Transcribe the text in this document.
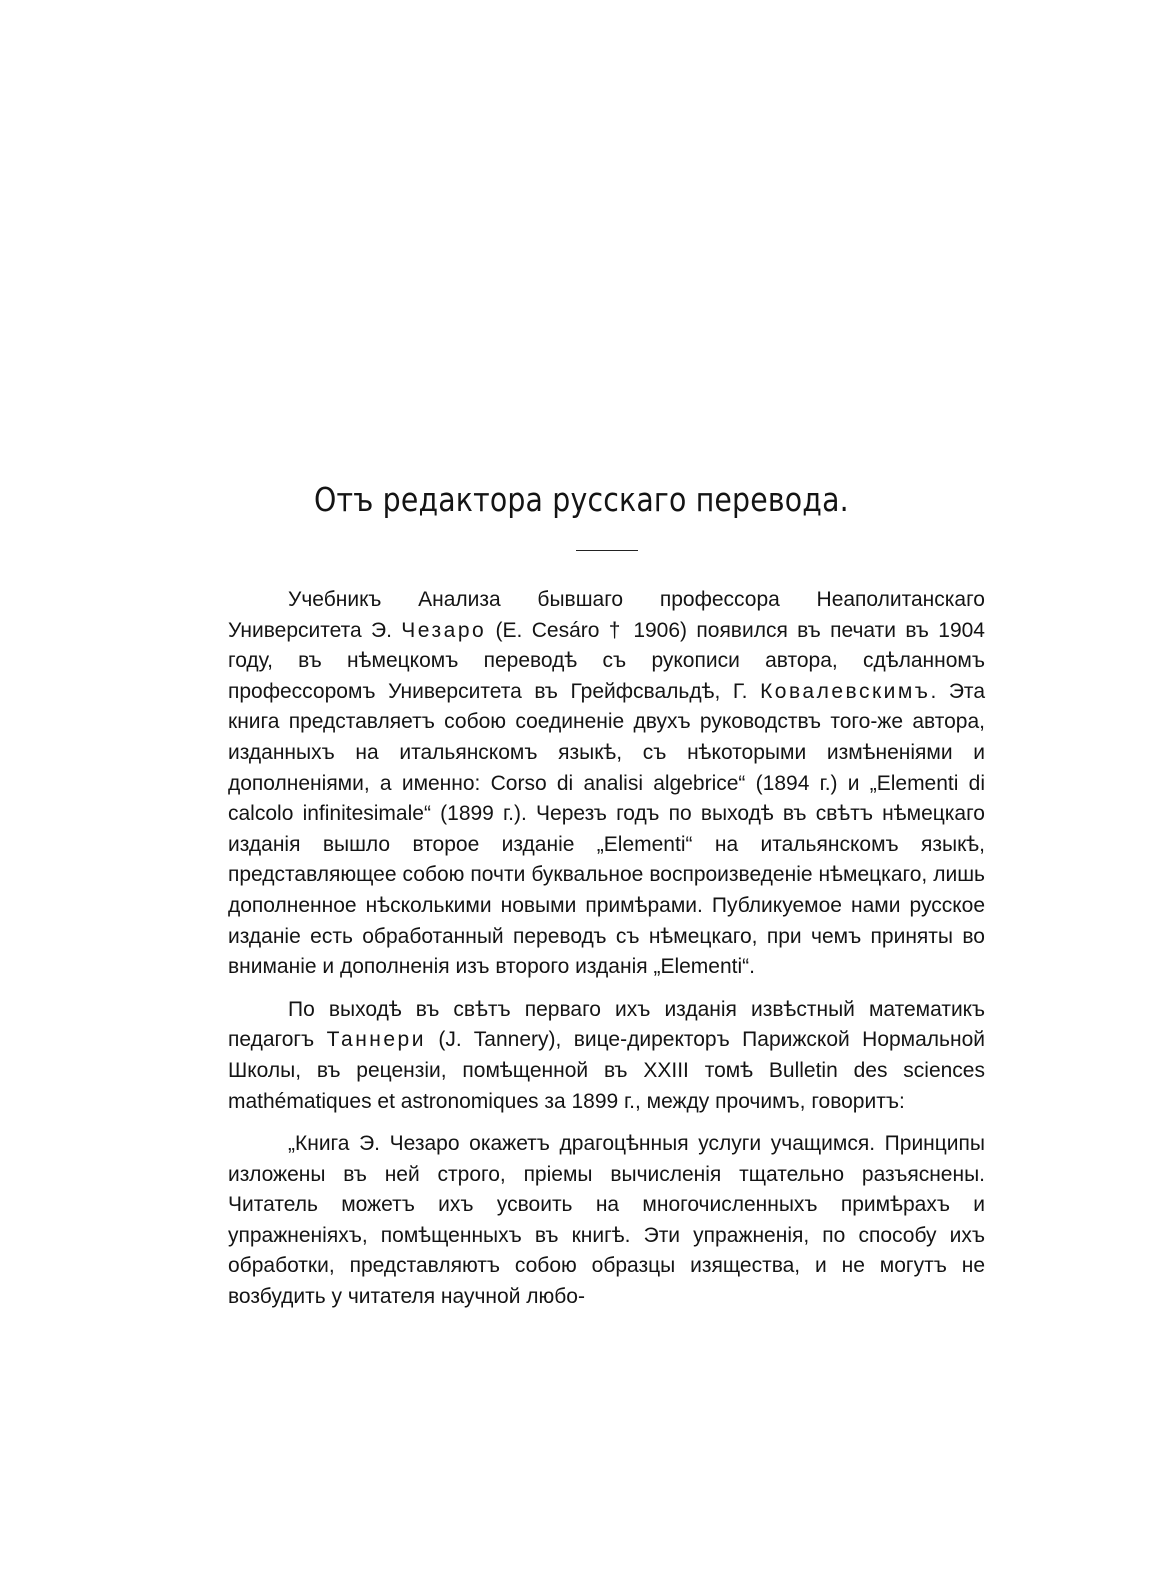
Отъ редактора русскаго перевода.

Учебникъ Анализа бывшаго профессора Неаполитанскаго Университета Э. Чезаро (E. Cesáro † 1906) появился въ печати въ 1904 году, въ нѣмецкомъ переводѣ съ рукописи автора, сдѣланномъ профессоромъ Университета въ Грейфсвальдѣ, Г. Ковалевскимъ. Эта книга представляетъ собою соединеніе двухъ руководствъ того-же автора, изданныхъ на итальянскомъ языкѣ, съ нѣкоторыми измѣненіями и дополненіями, а именно: Corso di analisi algebrice“ (1894 г.) и „Elementi di calcolo infinitesimale“ (1899 г.). Черезъ годъ по выходѣ въ свѣтъ нѣмецкаго изданія вышло второе изданіе „Elementi“ на итальянскомъ языкѣ, представляющее собою почти буквальное воспроизведеніе нѣмецкаго, лишь дополненное нѣсколькими новыми примѣрами. Публикуемое нами русское изданіе есть обработанный переводъ съ нѣмецкаго, при чемъ приняты во вниманіе и дополненія изъ второго изданія „Elementi“.

По выходѣ въ свѣтъ перваго ихъ изданія извѣстный математикъ педагогъ Таннери (J. Tannery), вице-директоръ Парижской Нормальной Школы, въ рецензіи, помѣщенной въ XXIII томѣ Bulletin des sciences mathématiques et astronomiques за 1899 г., между прочимъ, говоритъ:

„Книга Э. Чезаро окажетъ драгоцѣнныя услуги учащимся. Принципы изложены въ ней строго, пріемы вычисленія тщательно разъяснены. Читатель можетъ ихъ усвоить на многочисленныхъ примѣрахъ и упражненіяхъ, помѣщенныхъ въ книгѣ. Эти упражненія, по способу ихъ обработки, представляютъ собою образцы изящества, и не могутъ не возбудить у читателя научной любо-
